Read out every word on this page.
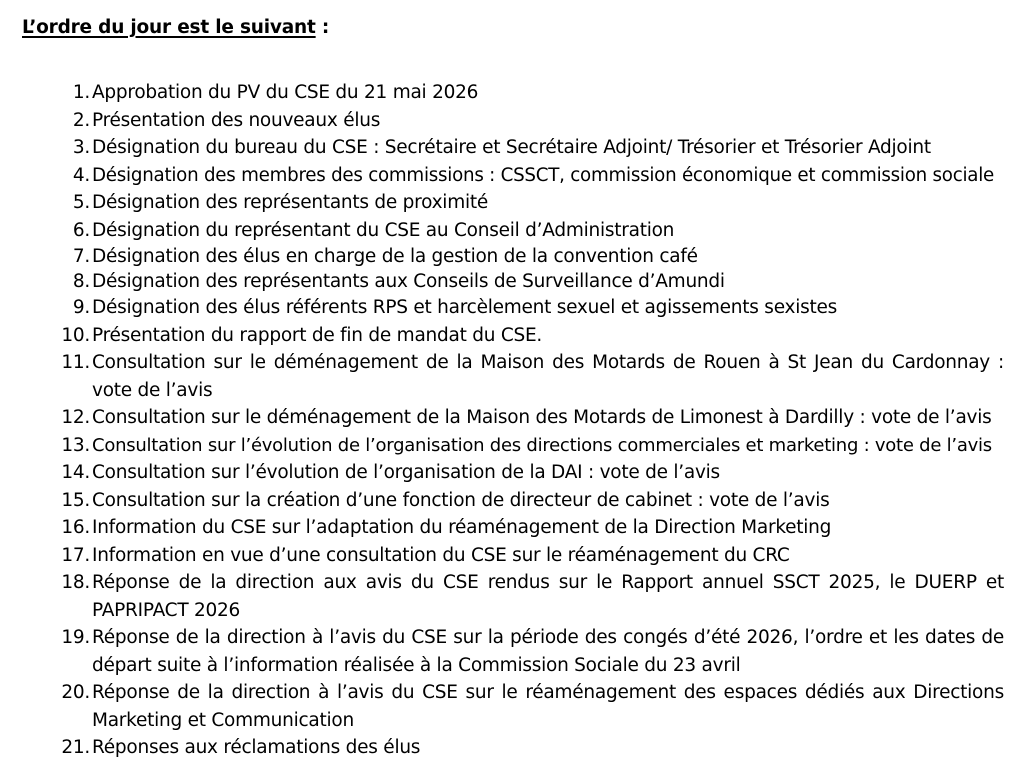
L’ordre du jour est le suivant :
1. Approbation du PV du CSE du 21 mai 2026
2. Présentation des nouveaux élus
3. Désignation du bureau du CSE : Secrétaire et Secrétaire Adjoint/ Trésorier et Trésorier Adjoint
4. Désignation des membres des commissions : CSSCT, commission économique et commission sociale
5. Désignation des représentants de proximité
6. Désignation du représentant du CSE au Conseil d’Administration
7. Désignation des élus en charge de la gestion de la convention café
8. Désignation des représentants aux Conseils de Surveillance d’Amundi
9. Désignation des élus référents RPS et harcèlement sexuel et agissements sexistes
10. Présentation du rapport de fin de mandat du CSE.
11. Consultation sur le déménagement de la Maison des Motards de Rouen à St Jean du Cardonnay : vote de l’avis
12. Consultation sur le déménagement de la Maison des Motards de Limonest à Dardilly : vote de l’avis
13. Consultation sur l’évolution de l’organisation des directions commerciales et marketing : vote de l’avis
14. Consultation sur l’évolution de l’organisation de la DAI : vote de l’avis
15. Consultation sur la création d’une fonction de directeur de cabinet : vote de l’avis
16. Information du CSE sur l’adaptation du réaménagement de la Direction Marketing
17. Information en vue d’une consultation du CSE sur le réaménagement du CRC
18. Réponse de la direction aux avis du CSE rendus sur le Rapport annuel SSCT 2025, le DUERP et PAPRIPACT 2026
19. Réponse de la direction à l’avis du CSE sur la période des congés d’été 2026, l’ordre et les dates de départ suite à l’information réalisée à la Commission Sociale du 23 avril
20. Réponse de la direction à l’avis du CSE sur le réaménagement des espaces dédiés aux Directions Marketing et Communication
21. Réponses aux réclamations des élus
